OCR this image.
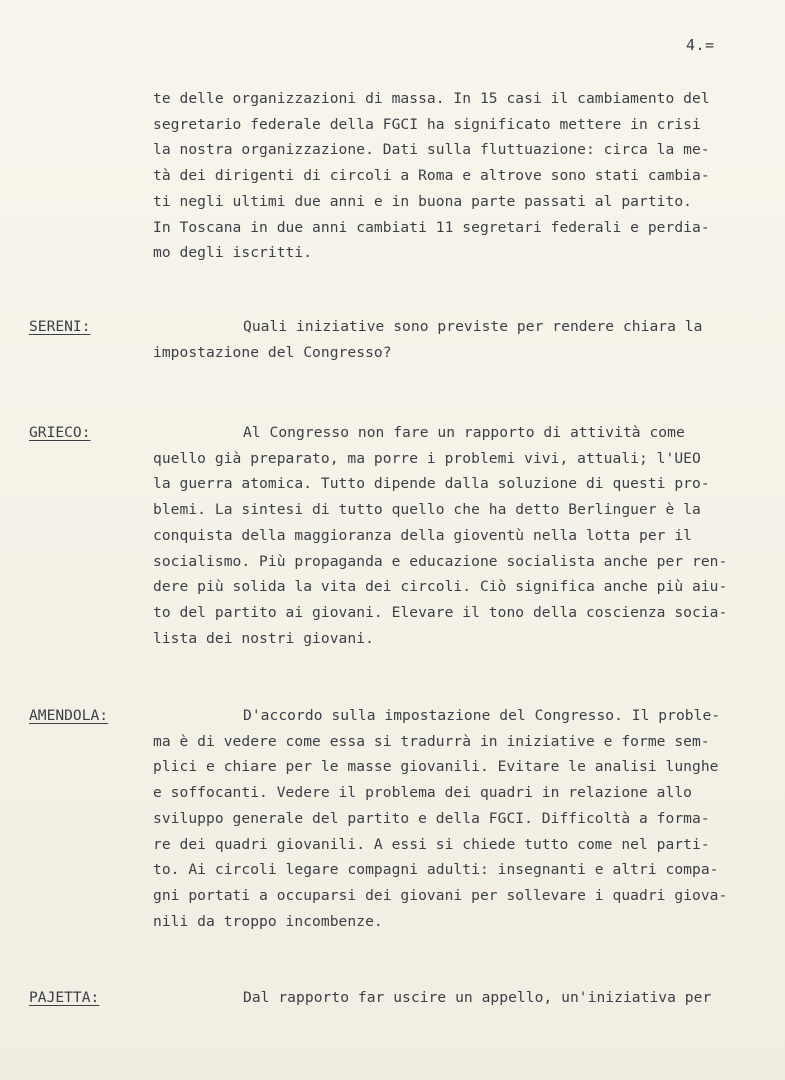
4.=

te delle organizzazioni di massa. In 15 casi il cambiamento del
segretario federale della FGCI ha significato mettere in crisi
la nostra organizzazione. Dati sulla fluttuazione: circa la me-
tà dei dirigenti di circoli a Roma e altrove sono stati cambia-
ti negli ultimi due anni e in buona parte passati al partito.
In Toscana in due anni cambiati 11 segretari federali e perdia-
mo degli iscritti.

SERENI:	Quali iniziative sono previste per rendere chiara la
impostazione del Congresso?

GRIECO:	Al Congresso non fare un rapporto di attività come
quello già preparato, ma porre i problemi vivi, attuali; l'UEO
la guerra atomica. Tutto dipende dalla soluzione di questi pro-
blemi. La sintesi di tutto quello che ha detto Berlinguer è la
conquista della maggioranza della gioventù nella lotta per il
socialismo. Più propaganda e educazione socialista anche per ren-
dere più solida la vita dei circoli. Ciò significa anche più aiu-
to del partito ai giovani. Elevare il tono della coscienza socia-
lista dei nostri giovani.

AMENDOLA:	D'accordo sulla impostazione del Congresso. Il proble-
ma è di vedere come essa si tradurrà in iniziative e forme sem-
plici e chiare per le masse giovanili. Evitare le analisi lunghe
e soffocanti. Vedere il problema dei quadri in relazione allo
sviluppo generale del partito e della FGCI. Difficoltà a forma-
re dei quadri giovanili. A essi si chiede tutto come nel parti-
to. Ai circoli legare compagni adulti: insegnanti e altri compa-
gni portati a occuparsi dei giovani per sollevare i quadri giova-
nili da troppo incombenze.

PAJETTA:	Dal rapporto far uscire un appello, un'iniziativa per
